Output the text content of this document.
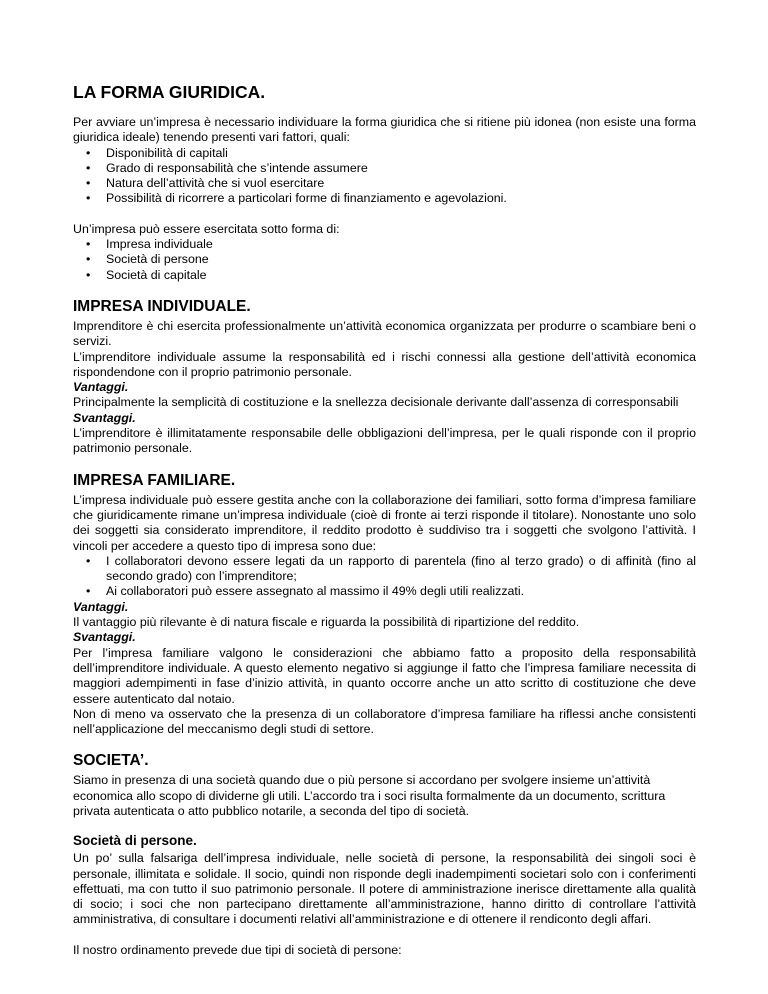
LA FORMA GIURIDICA.

Per avviare un’impresa è necessario individuare la forma giuridica che si ritiene più idonea (non esiste una forma giuridica ideale) tenendo presenti vari fattori, quali:

• Disponibilità di capitali
• Grado di responsabilità che s’intende assumere
• Natura dell’attività che si vuol esercitare
• Possibilità di ricorrere a particolari forme di finanziamento e agevolazioni.

Un’impresa può essere esercitata sotto forma di:

• Impresa individuale
• Società di persone
• Società di capitale
IMPRESA INDIVIDUALE.

Imprenditore è chi esercita professionalmente un’attività economica organizzata per produrre o scambiare beni o servizi.

L’imprenditore individuale assume la responsabilità ed i rischi connessi alla gestione dell’attività economica rispondendone con il proprio patrimonio personale.

Vantaggi.

Principalmente la semplicità di costituzione e la snellezza decisionale derivante dall’assenza di corresponsabili

Svantaggi.

L’imprenditore è illimitatamente responsabile delle obbligazioni dell’impresa, per le quali risponde con il proprio patrimonio personale.

IMPRESA FAMILIARE.

L’impresa individuale può essere gestita anche con la collaborazione dei familiari, sotto forma d’impresa familiare che giuridicamente rimane un’impresa individuale (cioè di fronte ai terzi risponde il titolare). Nonostante uno solo dei soggetti sia considerato imprenditore, il reddito prodotto è suddiviso tra i soggetti che svolgono l’attività. I vincoli per accedere a questo tipo di impresa sono due:

• I collaboratori devono essere legati da un rapporto di parentela (fino al terzo grado) o di affinità (fino al secondo grado) con l’imprenditore;
• Ai collaboratori può essere assegnato al massimo il 49% degli utili realizzati.

Vantaggi.

Il vantaggio più rilevante è di natura fiscale e riguarda la possibilità di ripartizione del reddito.

Svantaggi.

Per l’impresa familiare valgono le considerazioni che abbiamo fatto a proposito della responsabilità dell’imprenditore individuale. A questo elemento negativo si aggiunge il fatto che l’impresa familiare necessita di maggiori adempimenti in fase d’inizio attività, in quanto occorre anche un atto scritto di costituzione che deve essere autenticato dal notaio.

Non di meno va osservato che la presenza di un collaboratore d’impresa familiare ha riflessi anche consistenti nell’applicazione del meccanismo degli studi di settore.

SOCIETA’.

Siamo in presenza di una società quando due o più persone si accordano per svolgere insieme un’attività economica allo scopo di dividerne gli utili. L’accordo tra i soci risulta formalmente da un documento, scrittura privata autenticata o atto pubblico notarile, a seconda del tipo di società.

Società di persone.

Un po’ sulla falsariga dell’impresa individuale, nelle società di persone, la responsabilità dei singoli soci è personale, illimitata e solidale. Il socio, quindi non risponde degli inadempimenti societari solo con i conferimenti effettuati, ma con tutto il suo patrimonio personale. Il potere di amministrazione inerisce direttamente alla qualità di socio; i soci che non partecipano direttamente all’amministrazione, hanno diritto di controllare l’attività amministrativa, di consultare i documenti relativi all’amministrazione e di ottenere il rendiconto degli affari.

Il nostro ordinamento prevede due tipi di società di persone:
